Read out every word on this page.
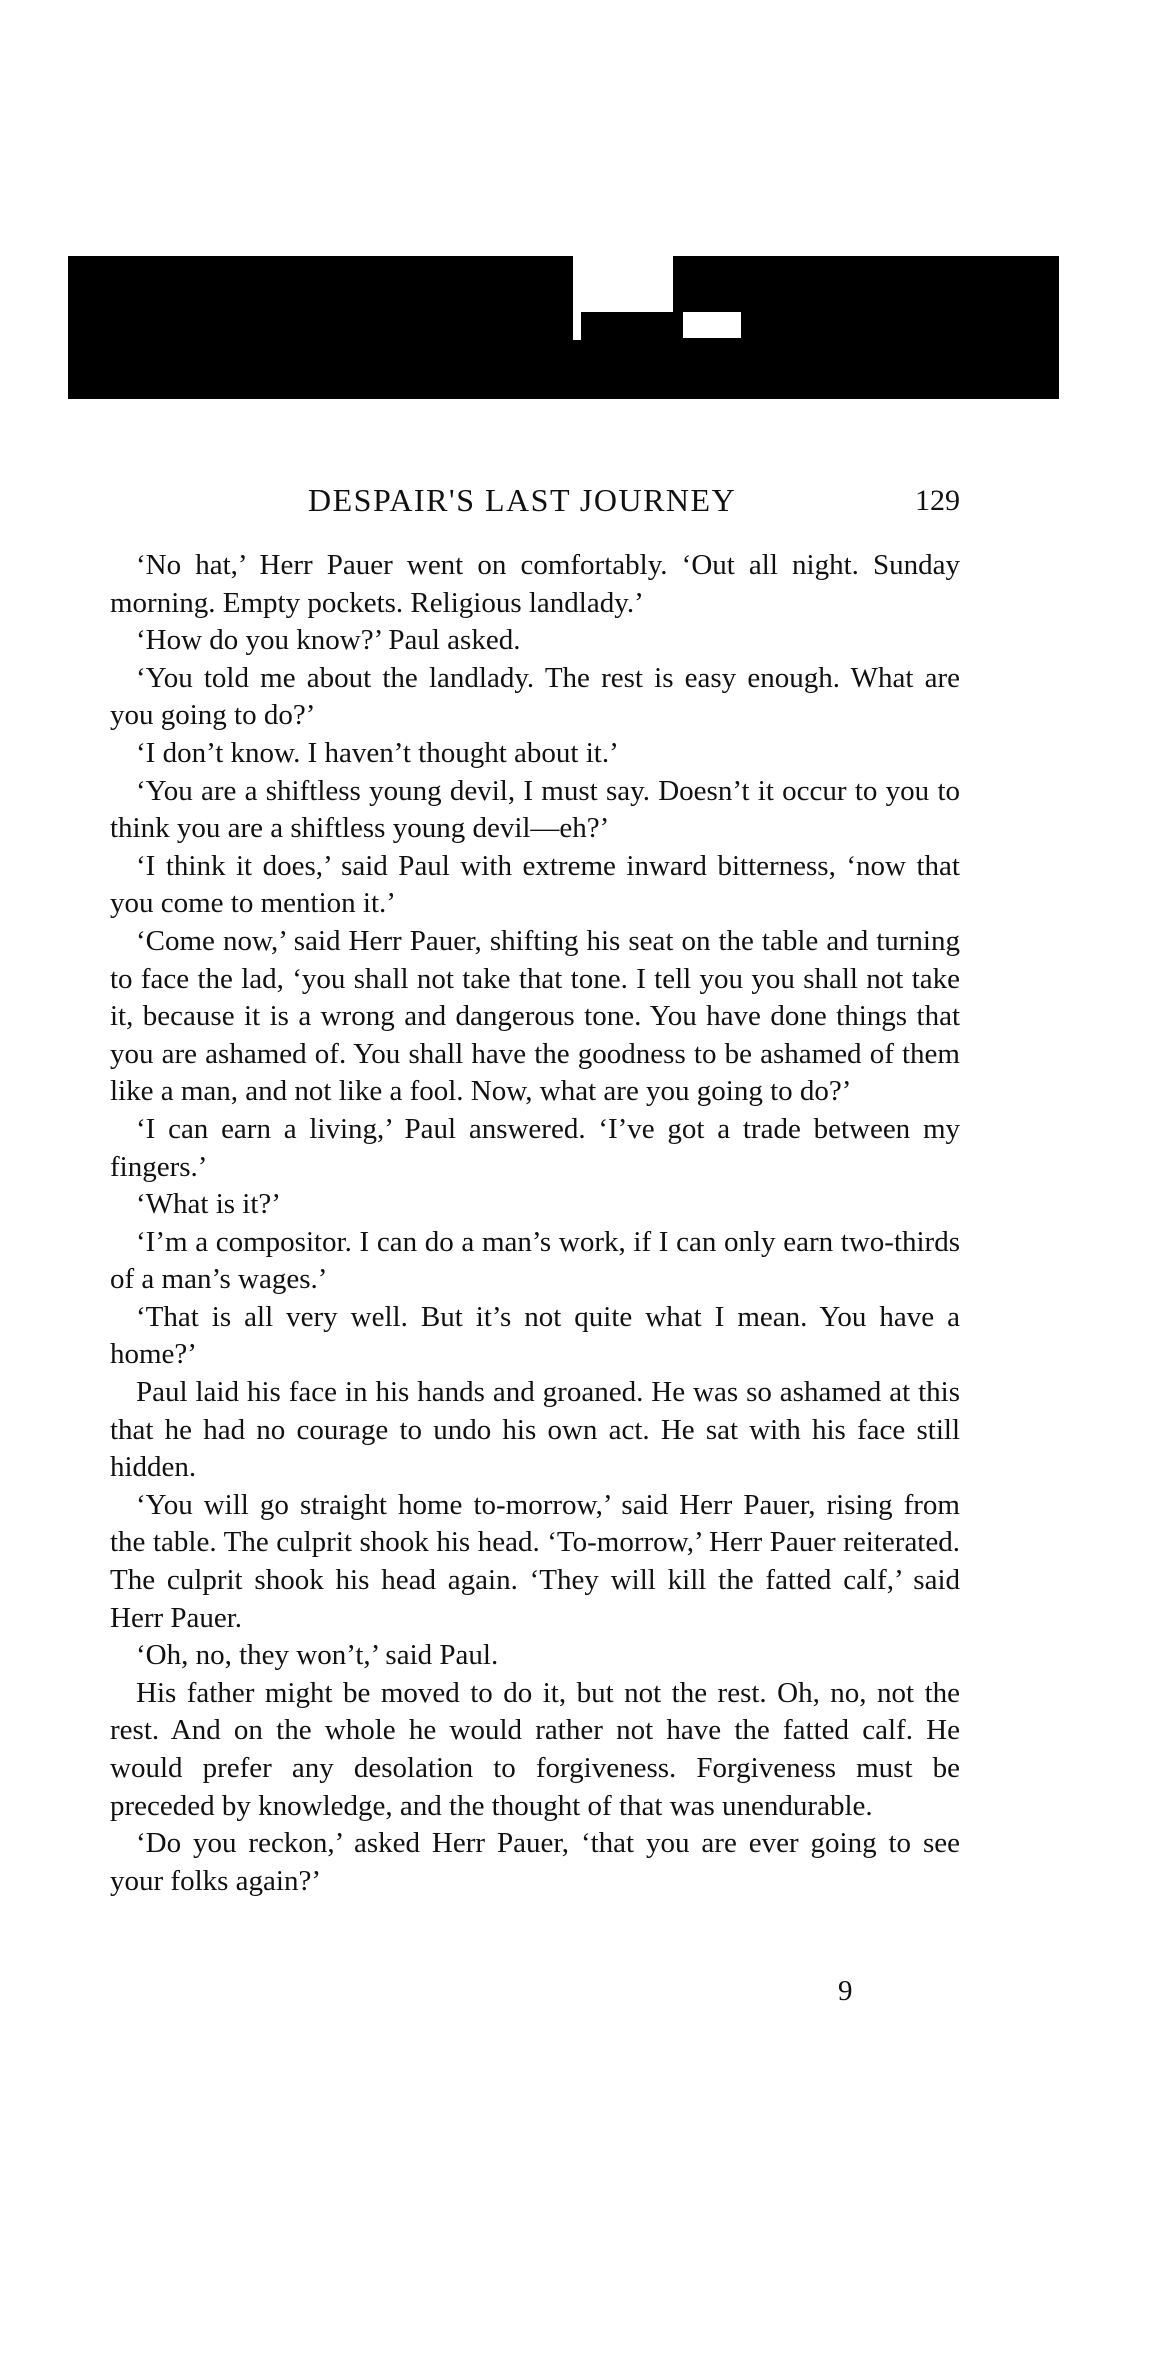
DESPAIR'S LAST JOURNEY	129

‘No hat,’ Herr Pauer went on comfortably. ‘Out all night. Sunday morning. Empty pockets. Religious landlady.’

‘How do you know?’ Paul asked.

‘You told me about the landlady. The rest is easy enough. What are you going to do?’

‘I don’t know. I haven’t thought about it.’

‘You are a shiftless young devil, I must say. Doesn’t it occur to you to think you are a shiftless young devil—eh?’

‘I think it does,’ said Paul with extreme inward bitterness, ‘now that you come to mention it.’

‘Come now,’ said Herr Pauer, shifting his seat on the table and turning to face the lad, ‘you shall not take that tone. I tell you you shall not take it, because it is a wrong and dangerous tone. You have done things that you are ashamed of. You shall have the goodness to be ashamed of them like a man, and not like a fool. Now, what are you going to do?’

‘I can earn a living,’ Paul answered. ‘I’ve got a trade between my fingers.’

‘What is it?’

‘I’m a compositor. I can do a man’s work, if I can only earn two-thirds of a man’s wages.’

‘That is all very well. But it’s not quite what I mean. You have a home?’

Paul laid his face in his hands and groaned. He was so ashamed at this that he had no courage to undo his own act. He sat with his face still hidden.

‘You will go straight home to-morrow,’ said Herr Pauer, rising from the table. The culprit shook his head. ‘To-morrow,’ Herr Pauer reiterated. The culprit shook his head again. ‘They will kill the fatted calf,’ said Herr Pauer.

‘Oh, no, they won’t,’ said Paul.

His father might be moved to do it, but not the rest. Oh, no, not the rest. And on the whole he would rather not have the fatted calf. He would prefer any desolation to forgiveness. Forgiveness must be preceded by knowledge, and the thought of that was unendurable.

‘Do you reckon,’ asked Herr Pauer, ‘that you are ever going to see your folks again?’

9
